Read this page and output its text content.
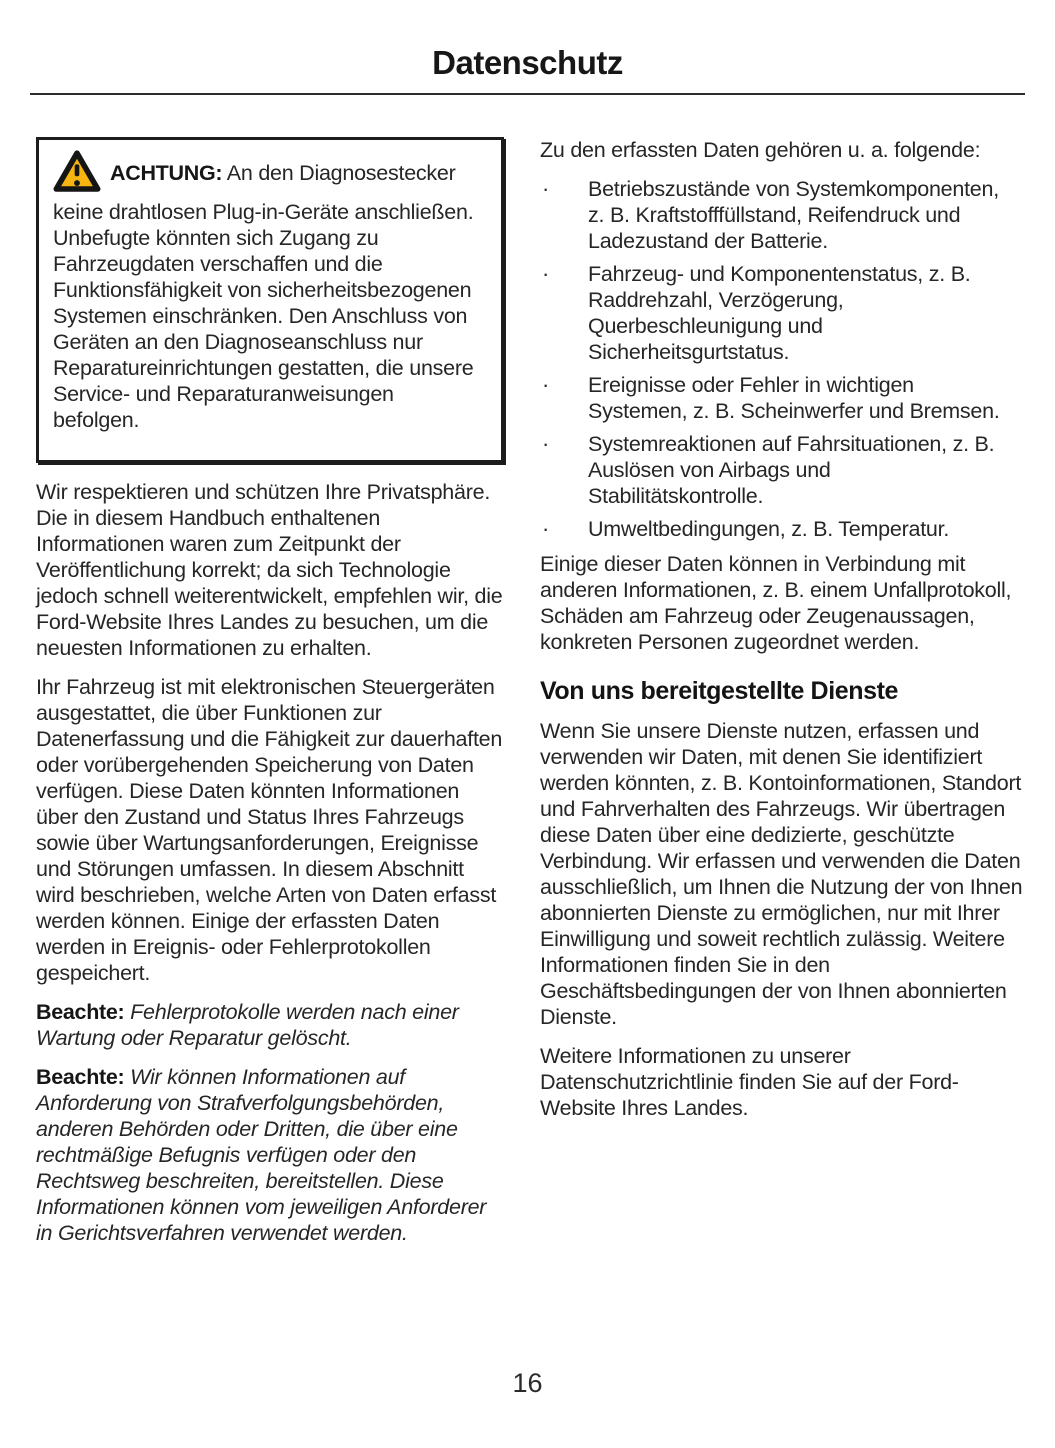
Datenschutz

ACHTUNG: An den Diagnosestecker keine drahtlosen Plug-in-Geräte anschließen. Unbefugte könnten sich Zugang zu Fahrzeugdaten verschaffen und die Funktionsfähigkeit von sicherheitsbezogenen Systemen einschränken. Den Anschluss von Geräten an den Diagnoseanschluss nur Reparatureinrichtungen gestatten, die unsere Service- und Reparaturanweisungen befolgen.

Wir respektieren und schützen Ihre Privatsphäre. Die in diesem Handbuch enthaltenen Informationen waren zum Zeitpunkt der Veröffentlichung korrekt; da sich Technologie jedoch schnell weiterentwickelt, empfehlen wir, die Ford-Website Ihres Landes zu besuchen, um die neuesten Informationen zu erhalten.

Ihr Fahrzeug ist mit elektronischen Steuergeräten ausgestattet, die über Funktionen zur Datenerfassung und die Fähigkeit zur dauerhaften oder vorübergehenden Speicherung von Daten verfügen. Diese Daten könnten Informationen über den Zustand und Status Ihres Fahrzeugs sowie über Wartungsanforderungen, Ereignisse und Störungen umfassen. In diesem Abschnitt wird beschrieben, welche Arten von Daten erfasst werden können. Einige der erfassten Daten werden in Ereignis- oder Fehlerprotokollen gespeichert.

Beachte: Fehlerprotokolle werden nach einer Wartung oder Reparatur gelöscht.

Beachte: Wir können Informationen auf Anforderung von Strafverfolgungsbehörden, anderen Behörden oder Dritten, die über eine rechtmäßige Befugnis verfügen oder den Rechtsweg beschreiten, bereitstellen. Diese Informationen können vom jeweiligen Anforderer in Gerichtsverfahren verwendet werden.

Zu den erfassten Daten gehören u. a. folgende:

·	Betriebszustände von Systemkomponenten, z. B. Kraftstofffüllstand, Reifendruck und Ladezustand der Batterie.
·	Fahrzeug- und Komponentenstatus, z. B. Raddrehzahl, Verzögerung, Querbeschleunigung und Sicherheitsgurtstatus.
·	Ereignisse oder Fehler in wichtigen Systemen, z. B. Scheinwerfer und Bremsen.
·	Systemreaktionen auf Fahrsituationen, z. B. Auslösen von Airbags und Stabilitätskontrolle.
·	Umweltbedingungen, z. B. Temperatur.

Einige dieser Daten können in Verbindung mit anderen Informationen, z. B. einem Unfallprotokoll, Schäden am Fahrzeug oder Zeugenaussagen, konkreten Personen zugeordnet werden.

Von uns bereitgestellte Dienste

Wenn Sie unsere Dienste nutzen, erfassen und verwenden wir Daten, mit denen Sie identifiziert werden könnten, z. B. Kontoinformationen, Standort und Fahrverhalten des Fahrzeugs. Wir übertragen diese Daten über eine dedizierte, geschützte Verbindung. Wir erfassen und verwenden die Daten ausschließlich, um Ihnen die Nutzung der von Ihnen abonnierten Dienste zu ermöglichen, nur mit Ihrer Einwilligung und soweit rechtlich zulässig. Weitere Informationen finden Sie in den Geschäftsbedingungen der von Ihnen abonnierten Dienste.

Weitere Informationen zu unserer Datenschutzrichtlinie finden Sie auf der Ford-Website Ihres Landes.

16
